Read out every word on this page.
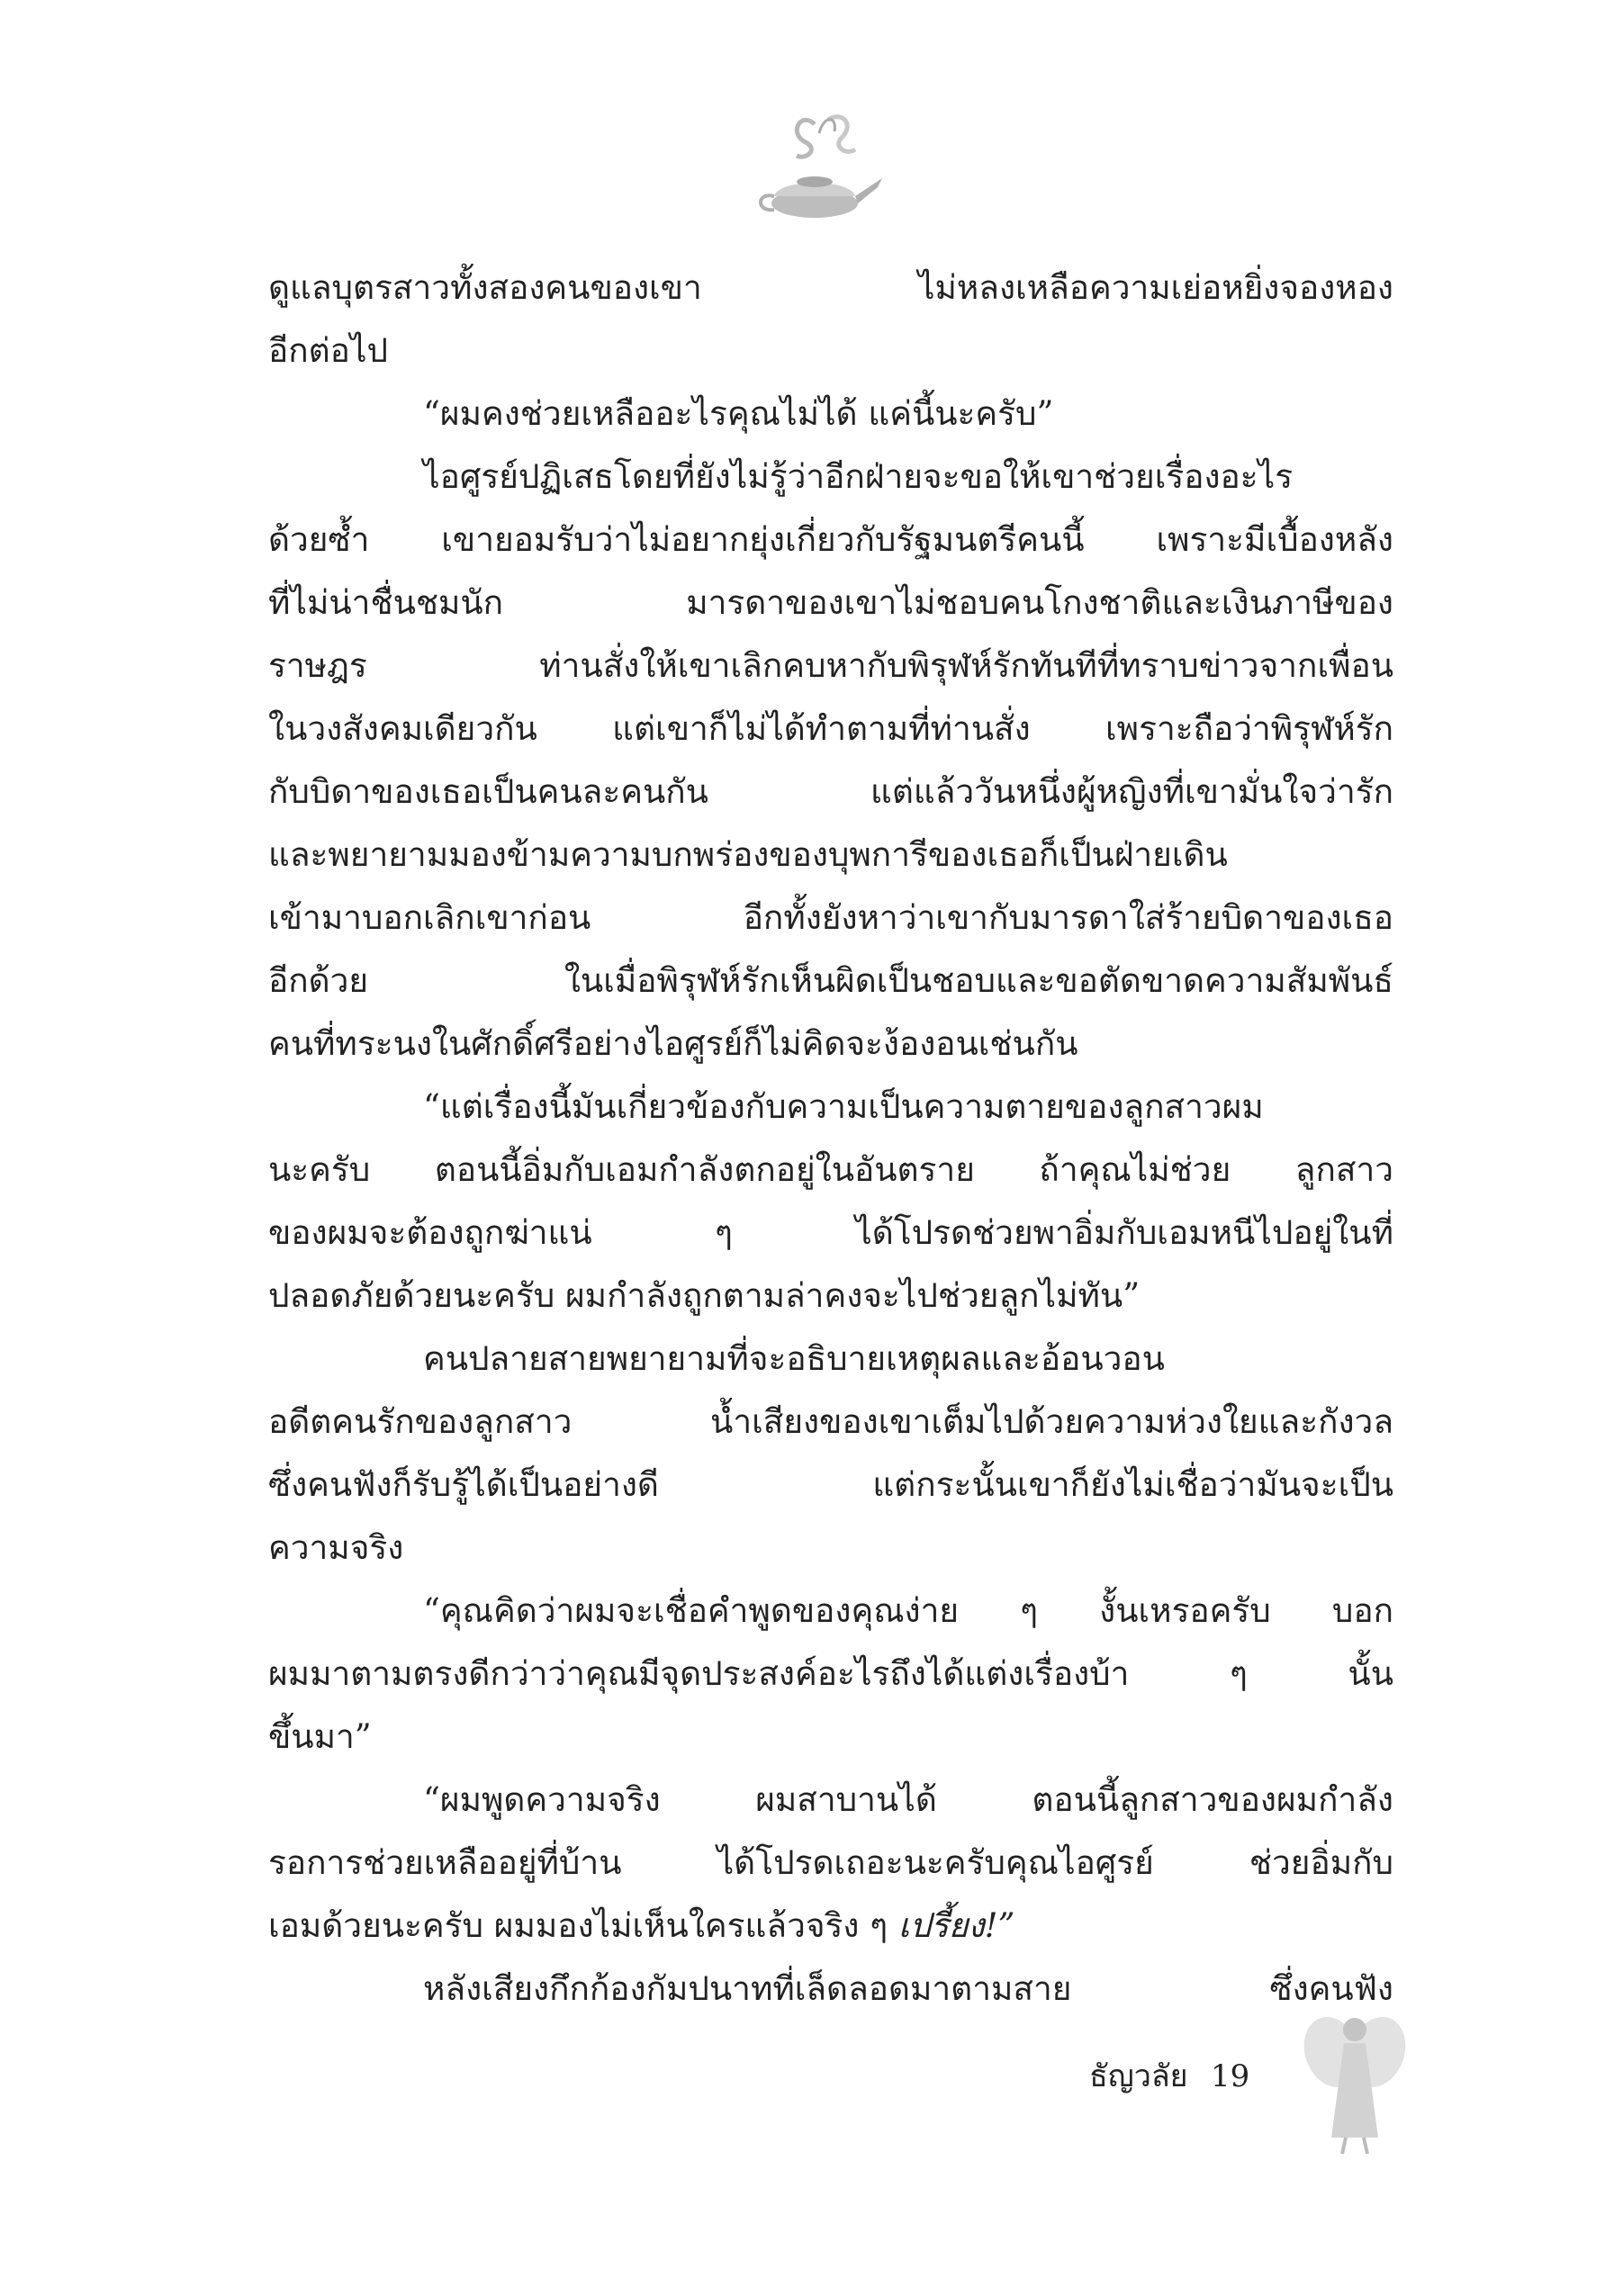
ดูแลบุตรสาวทั้งสองคนของเขา ไม่หลงเหลือความเย่อหยิ่งจองหอง
อีกต่อไป
“ผมคงช่วยเหลืออะไรคุณไม่ได้ แค่นี้นะครับ”
ไอศูรย์ปฏิเสธโดยที่ยังไม่รู้ว่าอีกฝ่ายจะขอให้เขาช่วยเรื่องอะไร
ด้วยซ้ำ เขายอมรับว่าไม่อยากยุ่งเกี่ยวกับรัฐมนตรีคนนี้ เพราะมีเบื้องหลัง
ที่ไม่น่าชื่นชมนัก มารดาของเขาไม่ชอบคนโกงชาติและเงินภาษีของ
ราษฎร ท่านสั่งให้เขาเลิกคบหากับพิรุฬห์รักทันทีที่ทราบข่าวจากเพื่อน
ในวงสังคมเดียวกัน แต่เขาก็ไม่ได้ทำตามที่ท่านสั่ง เพราะถือว่าพิรุฬห์รัก
กับบิดาของเธอเป็นคนละคนกัน แต่แล้ววันหนึ่งผู้หญิงที่เขามั่นใจว่ารัก
และพยายามมองข้ามความบกพร่องของบุพการีของเธอก็เป็นฝ่ายเดิน
เข้ามาบอกเลิกเขาก่อน อีกทั้งยังหาว่าเขากับมารดาใส่ร้ายบิดาของเธอ
อีกด้วย ในเมื่อพิรุฬห์รักเห็นผิดเป็นชอบและขอตัดขาดความสัมพันธ์
คนที่ทระนงในศักดิ์ศรีอย่างไอศูรย์ก็ไม่คิดจะง้องอนเช่นกัน
“แต่เรื่องนี้มันเกี่ยวข้องกับความเป็นความตายของลูกสาวผม
นะครับ ตอนนี้อิ่มกับเอมกำลังตกอยู่ในอันตราย ถ้าคุณไม่ช่วย ลูกสาว
ของผมจะต้องถูกฆ่าแน่ ๆ ได้โปรดช่วยพาอิ่มกับเอมหนีไปอยู่ในที่
ปลอดภัยด้วยนะครับ ผมกำลังถูกตามล่าคงจะไปช่วยลูกไม่ทัน”
คนปลายสายพยายามที่จะอธิบายเหตุผลและอ้อนวอน
อดีตคนรักของลูกสาว น้ำเสียงของเขาเต็มไปด้วยความห่วงใยและกังวล
ซึ่งคนฟังก็รับรู้ได้เป็นอย่างดี แต่กระนั้นเขาก็ยังไม่เชื่อว่ามันจะเป็น
ความจริง
“คุณคิดว่าผมจะเชื่อคำพูดของคุณง่าย ๆ งั้นเหรอครับ บอก
ผมมาตามตรงดีกว่าว่าคุณมีจุดประสงค์อะไรถึงได้แต่งเรื่องบ้า ๆ นั้น
ขึ้นมา”
“ผมพูดความจริง ผมสาบานได้ ตอนนี้ลูกสาวของผมกำลัง
รอการช่วยเหลืออยู่ที่บ้าน ได้โปรดเถอะนะครับคุณไอศูรย์ ช่วยอิ่มกับ
เอมด้วยนะครับ ผมมองไม่เห็นใครแล้วจริง ๆ เปรี้ยง!”
หลังเสียงกึกก้องกัมปนาทที่เล็ดลอดมาตามสาย ซึ่งคนฟัง
ธัญวลัย 19
